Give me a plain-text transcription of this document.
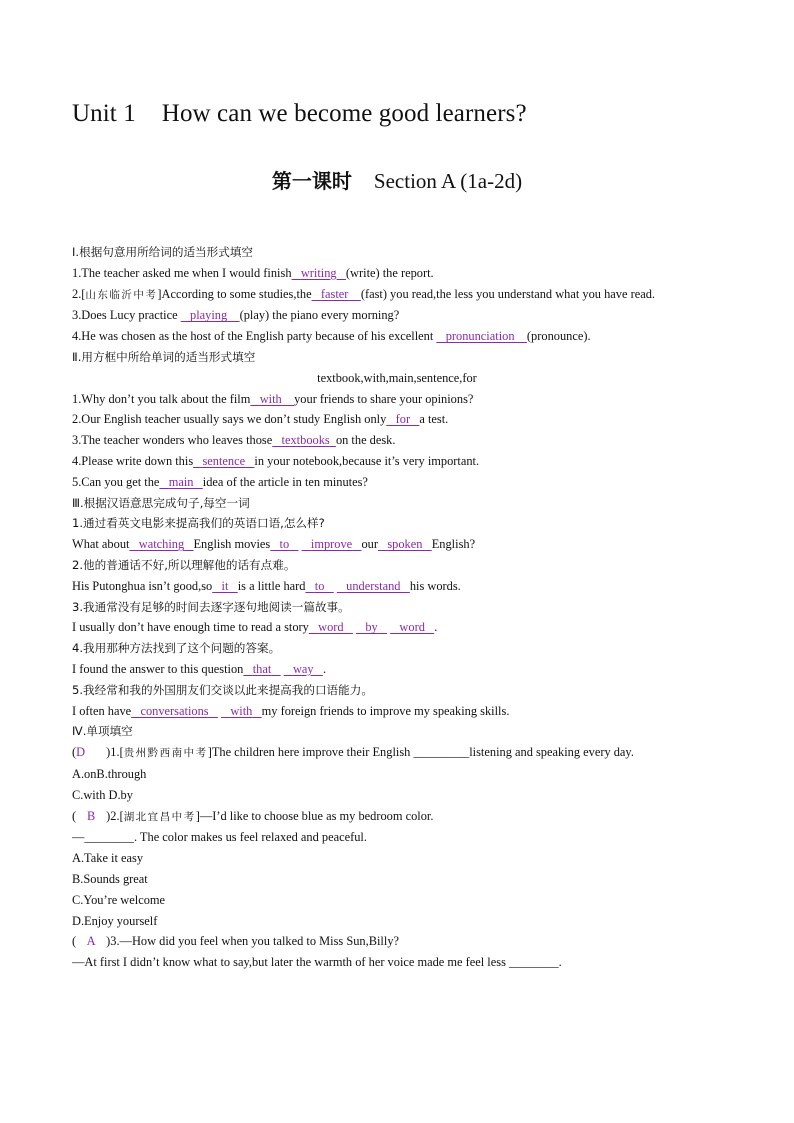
Unit 1 How can we become good learners?
第一课时 Section A (1a-2d)
Ⅰ.根据句意用所给词的适当形式填空
1.The teacher asked me when I would finish writing (write) the report.
2.[山东临沂中考]According to some studies,the faster (fast) you read,the less you understand what you have read.
3.Does Lucy practice playing (play) the piano every morning?
4.He was chosen as the host of the English party because of his excellent pronunciation (pronounce).
Ⅱ.用方框中所给单词的适当形式填空
textbook,with,main,sentence,for
1.Why don’t you talk about the film with your friends to share your opinions?
2.Our English teacher usually says we don’t study English only for a test.
3.The teacher wonders who leaves those textbooks on the desk.
4.Please write down this sentence in your notebook,because it’s very important.
5.Can you get the main idea of the article in ten minutes?
Ⅲ.根据汉语意思完成句子,每空一词
1.通过看英文电影来提高我们的英语口语,怎么样?
What about watching English movies to improve our spoken English?
2.他的普通话不好,所以理解他的话有点难。
His Putonghua isn’t good,so it is a little hard to understand his words.
3.我通常没有足够的时间去逐字逐句地阅读一篇故事。
I usually don’t have enough time to read a story word by word .
4.我用那种方法找到了这个问题的答案。
I found the answer to this question that way .
5.我经常和我的外国朋友们交谈以此来提高我的口语能力。
I often have conversations with my foreign friends to improve my speaking skills.
Ⅳ.单项填空
(D )1.[贵州黔西南中考]The children here improve their English _________listening and speaking every day.
A.onB.through
C.with D.by
( B )2.[湖北宜昌中考]—I’d like to choose blue as my bedroom color.
—________. The color makes us feel relaxed and peaceful.
A.Take it easy
B.Sounds great
C.You’re welcome
D.Enjoy yourself
( A )3.—How did you feel when you talked to Miss Sun,Billy?
—At first I didn’t know what to say,but later the warmth of her voice made me feel less ________.
